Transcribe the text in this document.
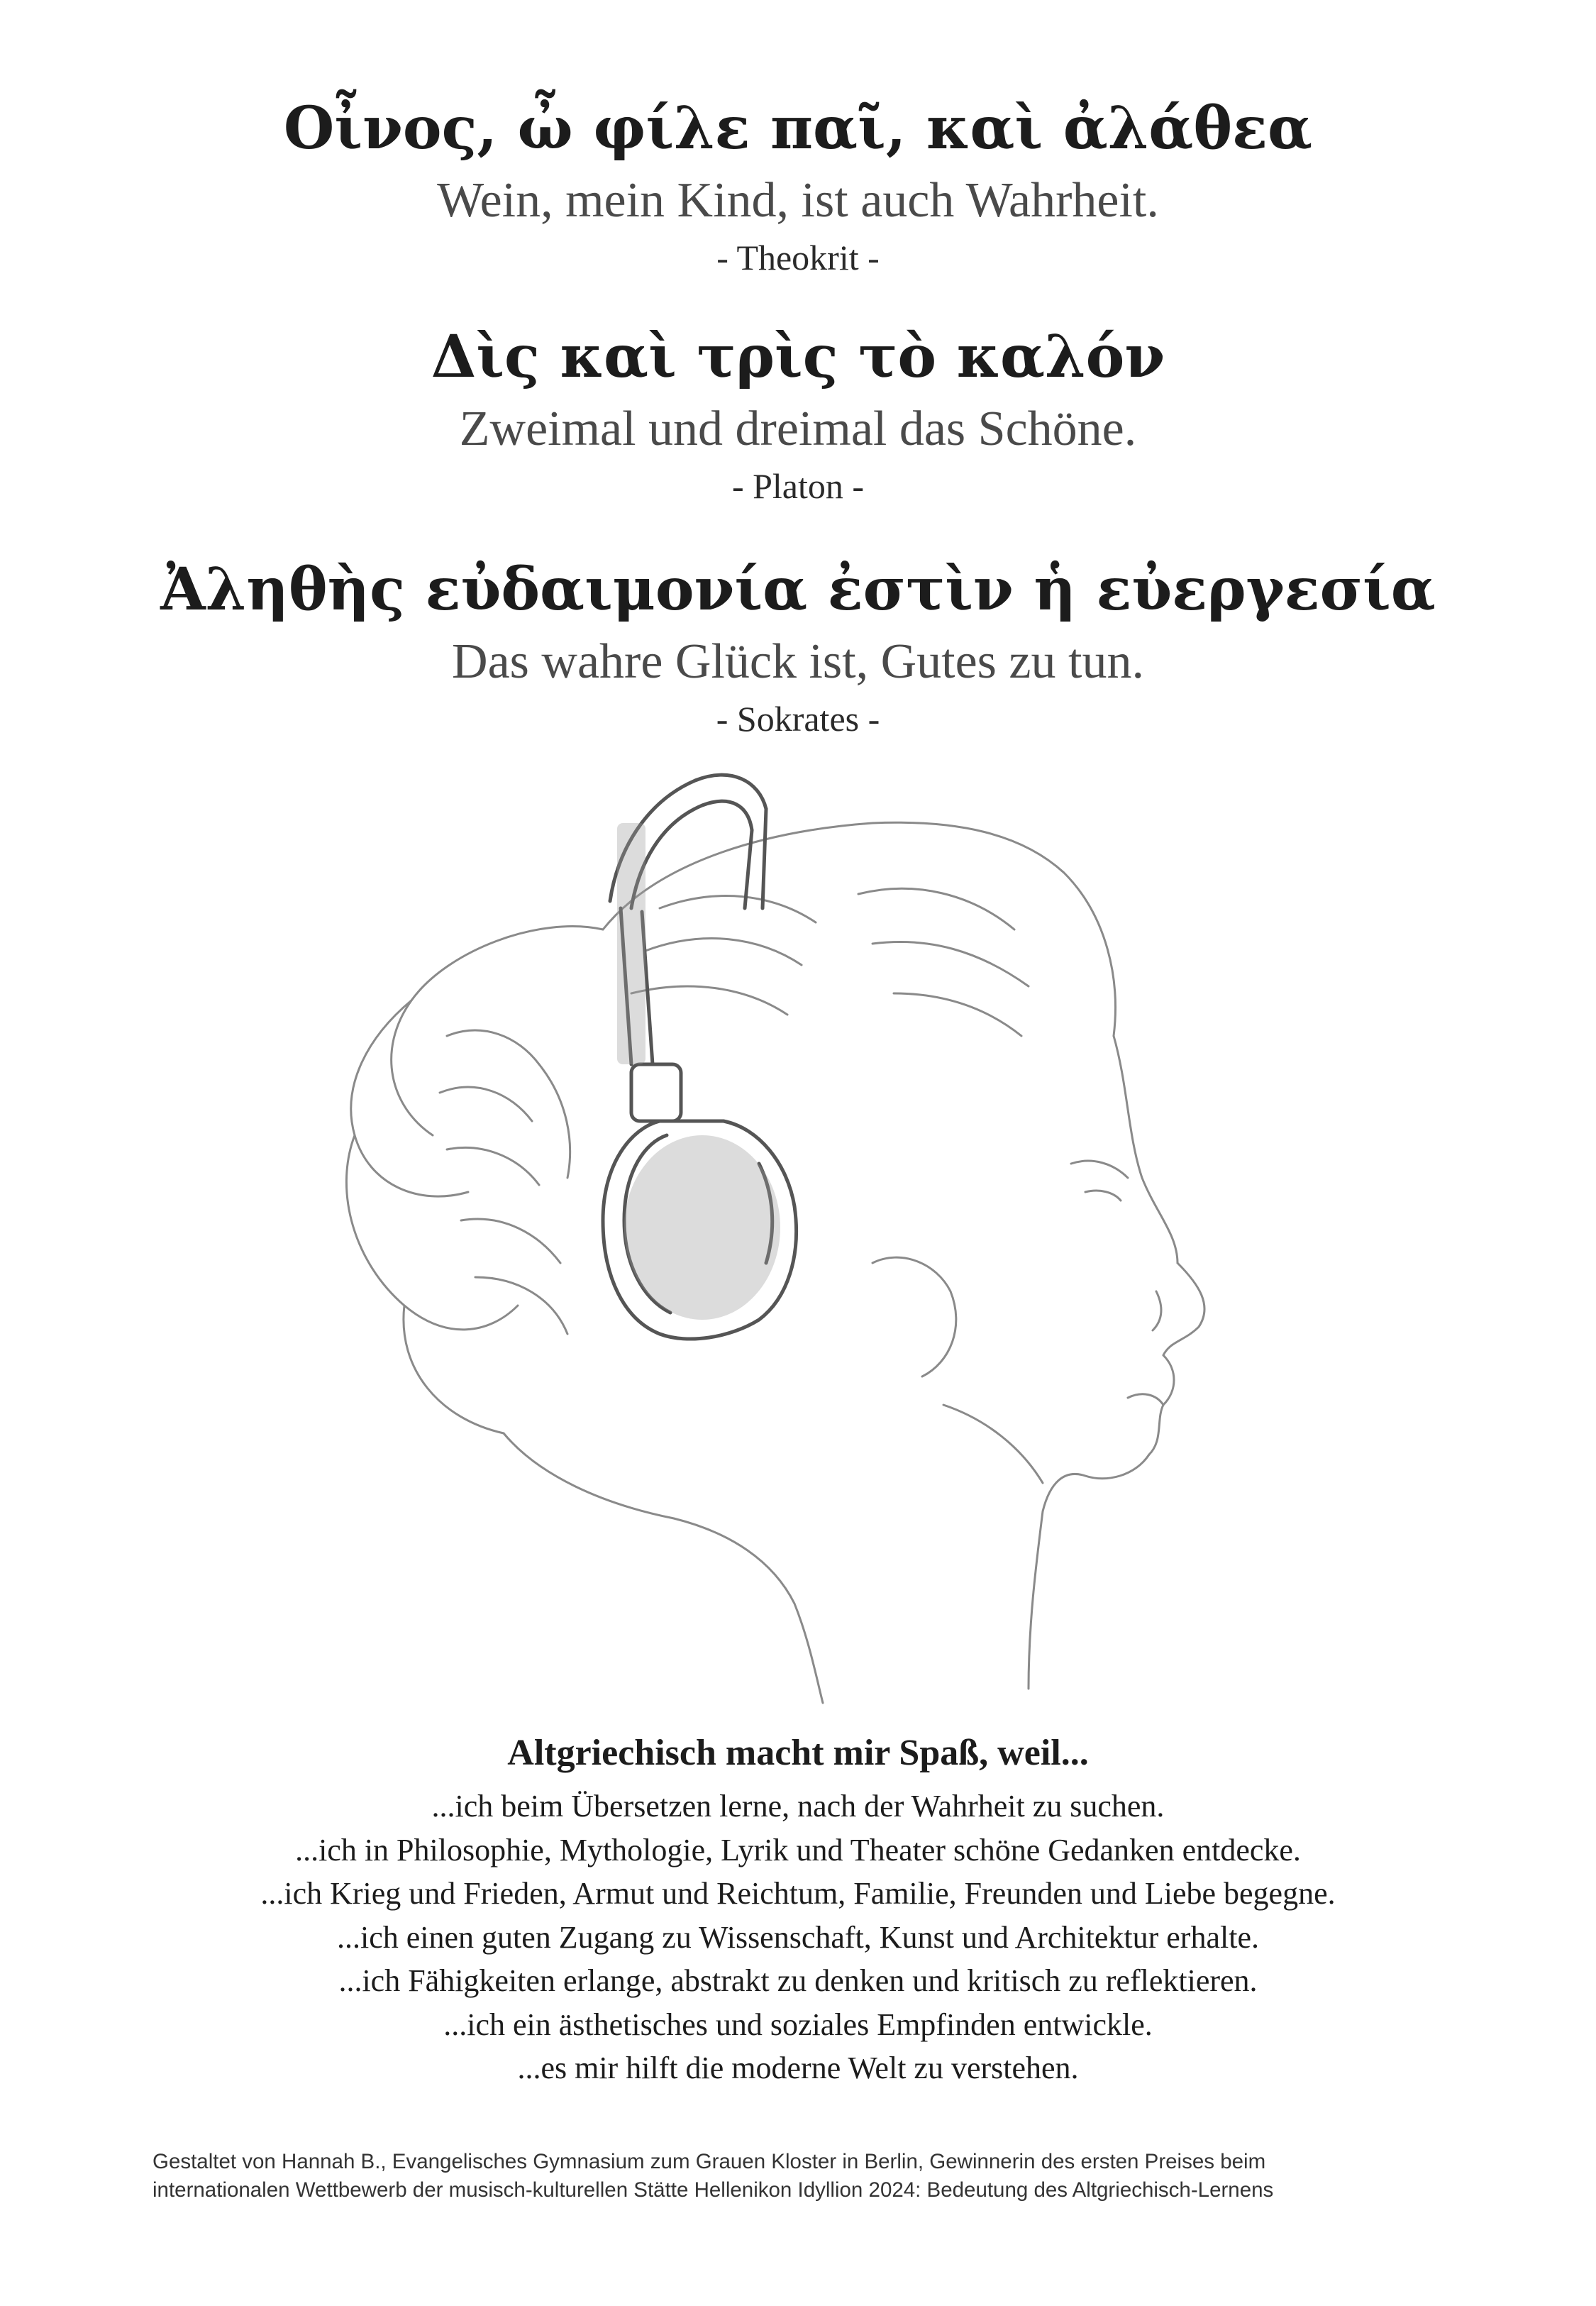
Οἶνος, ὦ φίλε παῖ, καὶ ἀλάθεα
Wein, mein Kind, ist auch Wahrheit.
- Theokrit -
Δὶς καὶ τρὶς τὸ καλόν
Zweimal und dreimal das Schöne.
- Platon -
Ἀληθὴς εὐδαιμονία ἐστὶν ἡ εὐεργεσία
Das wahre Glück ist, Gutes zu tun.
- Sokrates -
Altgriechisch macht mir Spaß, weil...
...ich beim Übersetzen lerne, nach der Wahrheit zu suchen.
...ich in Philosophie, Mythologie, Lyrik und Theater schöne Gedanken entdecke.
...ich Krieg und Frieden, Armut und Reichtum, Familie, Freunden und Liebe begegne.
...ich einen guten Zugang zu Wissenschaft, Kunst und Architektur erhalte.
...ich Fähigkeiten erlange, abstrakt zu denken und kritisch zu reflektieren.
...ich ein ästhetisches und soziales Empfinden entwickle.
...es mir hilft die moderne Welt zu verstehen.
Gestaltet von Hannah B., Evangelisches Gymnasium zum Grauen Kloster in Berlin, Gewinnerin des ersten Preises beim
internationalen Wettbewerb der musisch-kulturellen Stätte Hellenikon Idyllion 2024: Bedeutung des Altgriechisch-Lernens
